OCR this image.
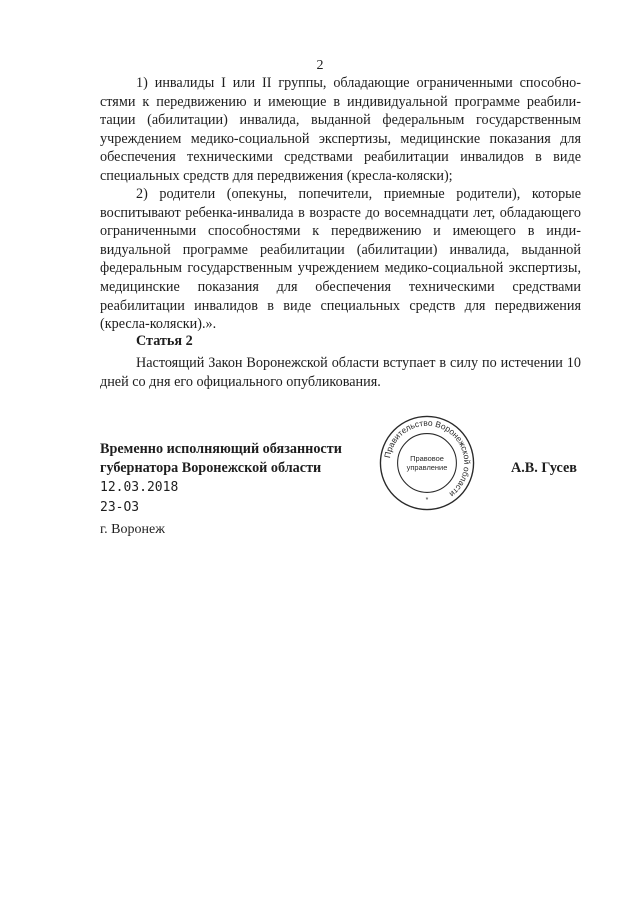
2

1) инвалиды I или II группы, обладающие ограниченными способностями к передвижению и имеющие в индивидуальной программе реабилитации (абилитации) инвалида, выданной федеральным государственным учреждением медико-социальной экспертизы, медицинские показания для обеспечения техническими средствами реабилитации инвалидов в виде специальных средств для передвижения (кресла-коляски);

2) родители (опекуны, попечители, приемные родители), которые воспитывают ребенка-инвалида в возрасте до восемнадцати лет, обладающего ограниченными способностями к передвижению и имеющего в индивидуальной программе реабилитации (абилитации) инвалида, выданной федеральным государственным учреждением медико-социальной экспертизы, медицинские показания для обеспечения техническими средствами реабилитации инвалидов в виде специальных средств для передвижения (кресла-коляски).».

Статья 2

Настоящий Закон Воронежской области вступает в силу по истечении 10 дней со дня его официального опубликования.

Временно исполняющий обязанности
губернатора Воронежской области
12.03.2018
23-ОЗ
г. Воронеж
А.В. Гусев
Правительство Воронежской области
Правовое
управление
*
